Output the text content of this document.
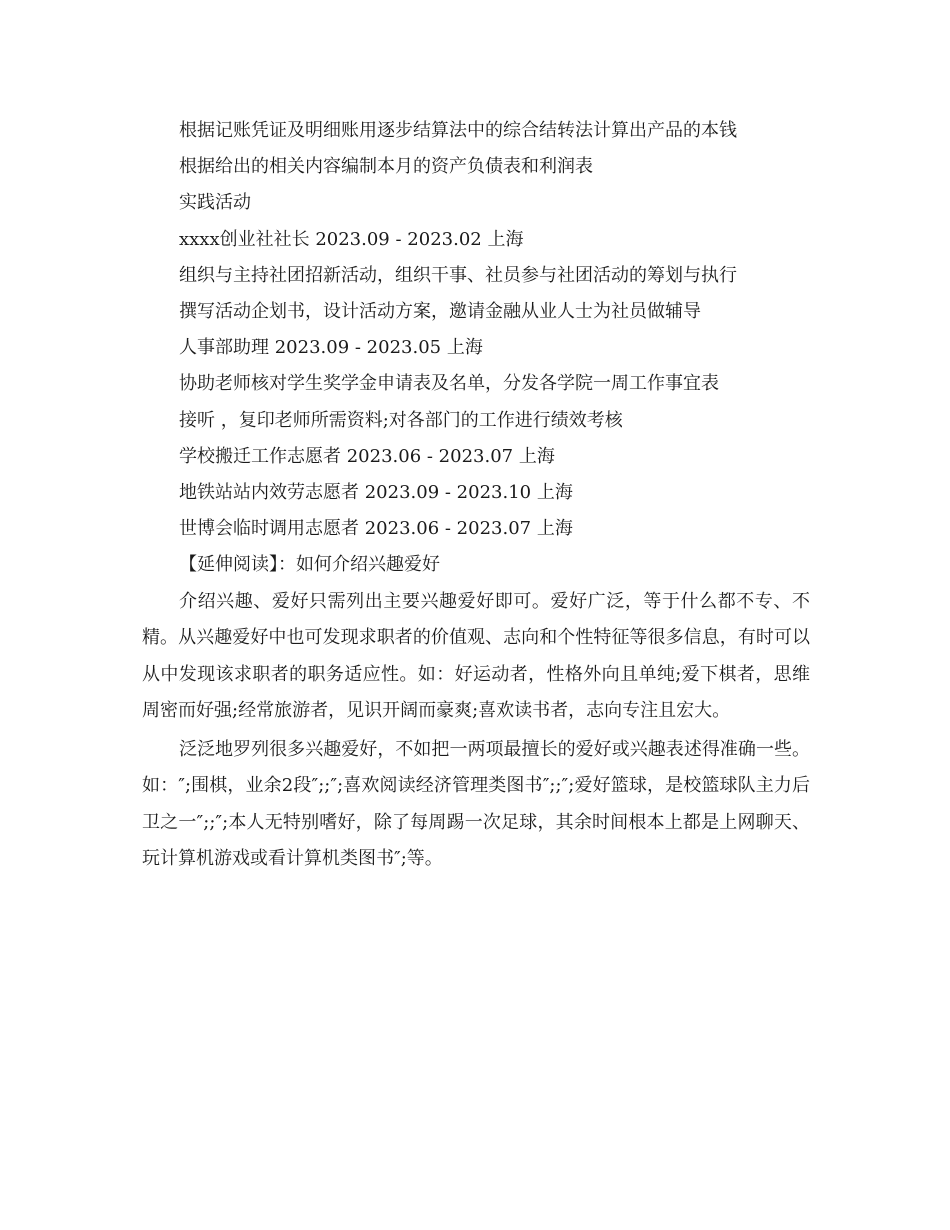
根据记账凭证及明细账用逐步结算法中的综合结转法计算出产品的本钱

根据给出的相关内容编制本月的资产负债表和利润表

实践活动

xxxx创业社社长 2023.09 - 2023.02 上海

组织与主持社团招新活动，组织干事、社员参与社团活动的筹划与执行

撰写活动企划书，设计活动方案，邀请金融从业人士为社员做辅导

人事部助理 2023.09 - 2023.05 上海

协助老师核对学生奖学金申请表及名单，分发各学院一周工作事宜表

接听 ，复印老师所需资料;对各部门的工作进行绩效考核

学校搬迁工作志愿者 2023.06 - 2023.07 上海

地铁站站内效劳志愿者 2023.09 - 2023.10 上海

世博会临时调用志愿者 2023.06 - 2023.07 上海

【延伸阅读】：如何介绍兴趣爱好

介绍兴趣、爱好只需列出主要兴趣爱好即可。爱好广泛，等于什么都不专、不精。从兴趣爱好中也可发现求职者的价值观、志向和个性特征等很多信息，有时可以从中发现该求职者的职务适应性。如：好运动者，性格外向且单纯;爱下棋者，思维周密而好强;经常旅游者，见识开阔而豪爽;喜欢读书者，志向专注且宏大。

泛泛地罗列很多兴趣爱好，不如把一两项最擅长的爱好或兴趣表述得准确一些。如：″;围棋，业余2段″;;″;喜欢阅读经济管理类图书″;;″;爱好篮球，是校篮球队主力后卫之一″;;″;本人无特别嗜好，除了每周踢一次足球，其余时间根本上都是上网聊天、玩计算机游戏或看计算机类图书″;等。
